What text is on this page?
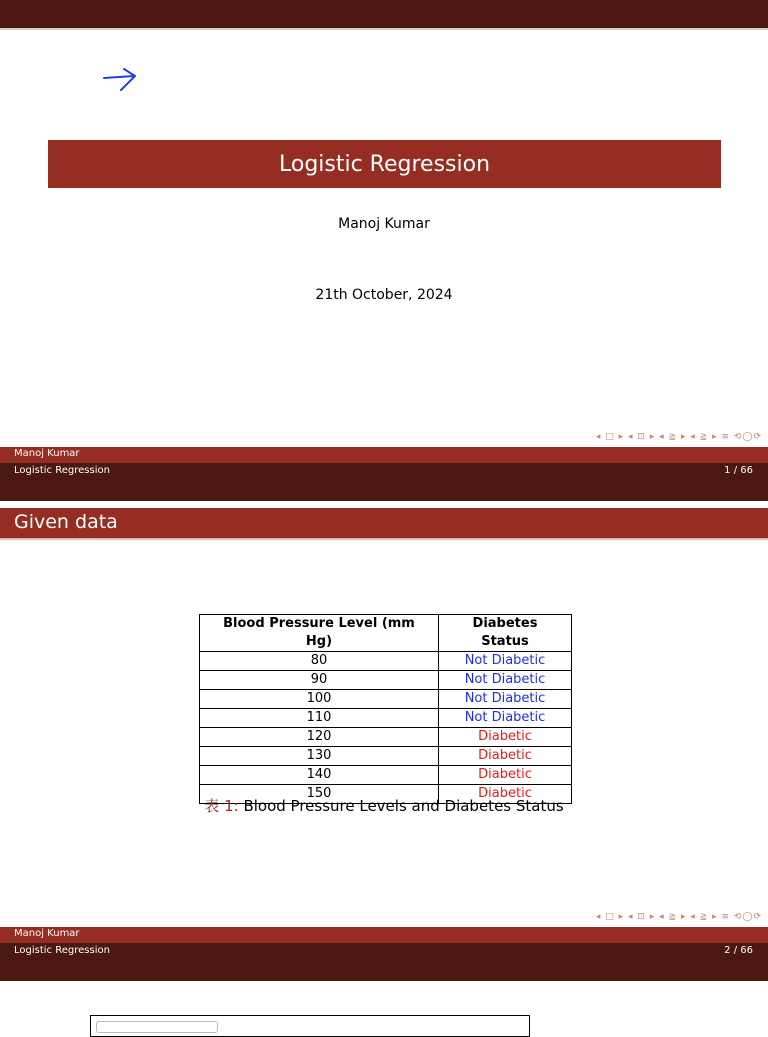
Logistic Regression
Manoj Kumar
21th October, 2024
◂ □ ▸ ◂ ⊡ ▸ ◂ ≧ ▸ ◂ ≧ ▸ ≡ ⟲◯⟳
Manoj Kumar
Logistic Regression	1 / 66
Given data
Blood Pressure Level (mm Hg)	Diabetes Status
80	Not Diabetic
90	Not Diabetic
100	Not Diabetic
110	Not Diabetic
120	Diabetic
130	Diabetic
140	Diabetic
150	Diabetic
表 1: Blood Pressure Levels and Diabetes Status
◂ □ ▸ ◂ ⊡ ▸ ◂ ≧ ▸ ◂ ≧ ▸ ≡ ⟲◯⟳
Manoj Kumar
Logistic Regression	2 / 66
